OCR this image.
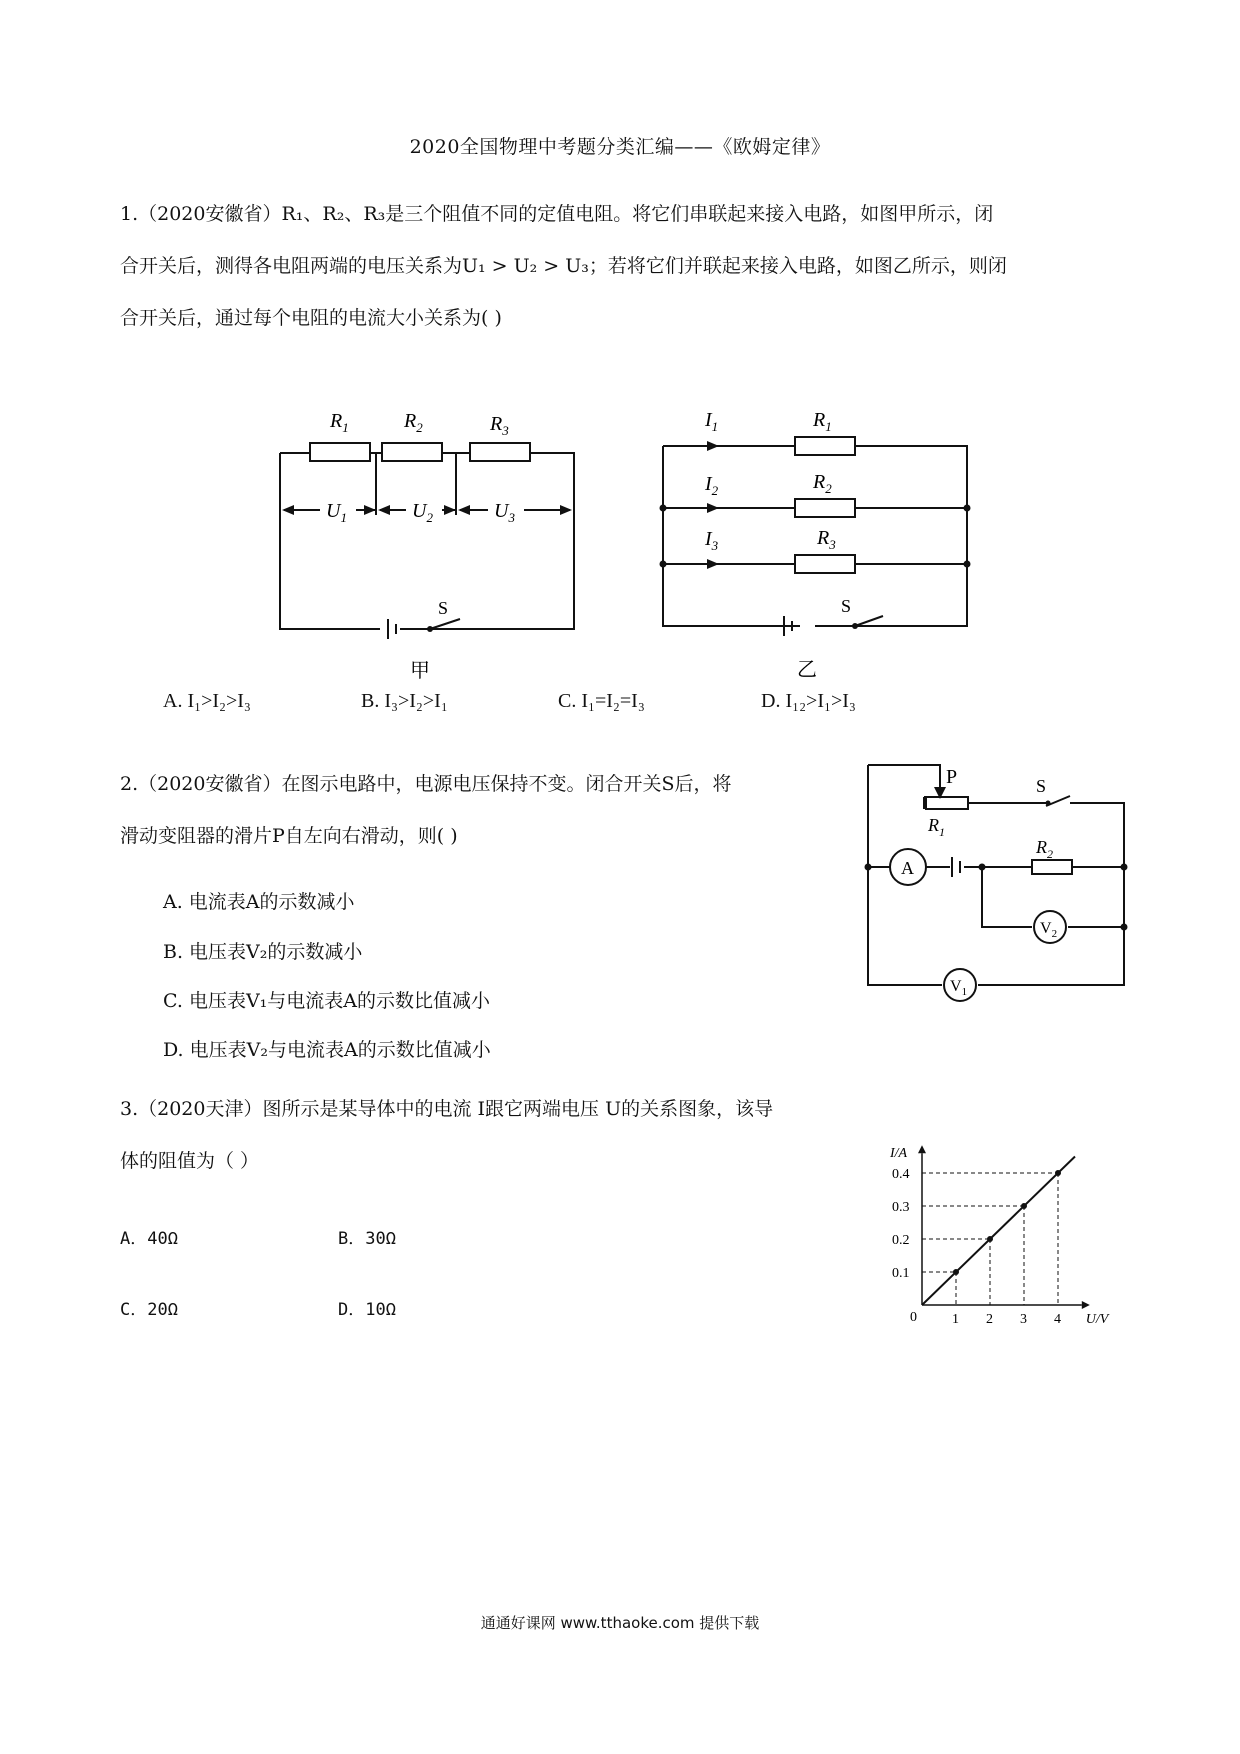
2020全国物理中考题分类汇编——《欧姆定律》
1.（2020安徽省）R₁、R₂、R₃是三个阻值不同的定值电阻。将它们串联起来接入电路，如图甲所示，闭
合开关后，测得各电阻两端的电压关系为U₁ > U₂ > U₃；若将它们并联起来接入电路，如图乙所示，则闭
合开关后，通过每个电阻的电流大小关系为( )
$R_1$	$R_2$	$R_3$
$U_1$	$U_2$	$U_3$
S
甲
$I_1$
$I_2$
$I_3$
$R_1$
$R_2$
$R_3$
S
乙
A. I₁>I₂>I₃	B. I₃>I₂>I₁	C. I₁=I₂=I₃	D. I₁₂>I₁>I₃
2.（2020安徽省）在图示电路中，电源电压保持不变。闭合开关S后，将
滑动变阻器的滑片P自左向右滑动，则( )
A. 电流表A的示数减小
B. 电压表V₂的示数减小
C. 电压表V₁与电流表A的示数比值减小
D. 电压表V₂与电流表A的示数比值减小
P	S
$R_1$
$R_2$
A
$V_2$
$V_1$
3.（2020天津）图所示是某导体中的电流 I跟它两端电压 U的关系图象，该导
体的阻值为（ ）
A．40Ω	B．30Ω
C．20Ω	D．10Ω	1 2 3 4
0.1
0.2
0.3
0.4
0	U/V
I/A
通通好课网 www.tthaoke.com 提供下载
